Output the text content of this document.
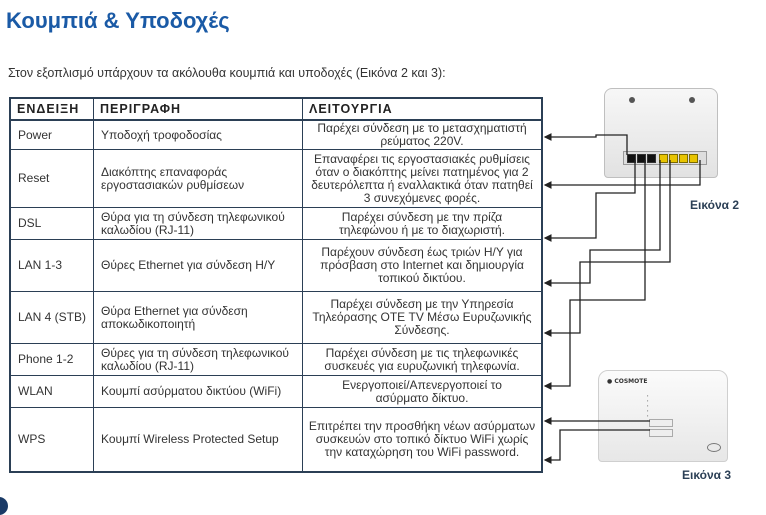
Κουμπιά & Υποδοχές
Στον εξοπλισμό υπάρχουν τα ακόλουθα κουμπιά και υποδοχές (Εικόνα 2 και 3):
ΕΝΔΕΙΞΗ	ΠΕΡΙΓΡΑΦΗ	ΛΕΙΤΟΥΡΓΙΑ
Power	Υποδοχή τροφοδοσίας	Παρέχει σύνδεση με το μετασχηματιστή ρεύματος 220V.
Reset	Διακόπτης επαναφοράς εργοστασιακών ρυθμίσεων	Επαναφέρει τις εργοστασιακές ρυθμίσεις όταν ο διακόπτης μείνει πατημένος για 2 δευτερόλεπτα ή εναλλακτικά όταν πατηθεί 3 συνεχόμενες φορές.
DSL	Θύρα για τη σύνδεση τηλεφωνικού καλωδίου (RJ-11)	Παρέχει σύνδεση με την πρίζα τηλεφώνου ή με το διαχωριστή.
LAN 1-3	Θύρες Ethernet για σύνδεση Η/Υ	Παρέχουν σύνδεση έως τριών Η/Υ για πρόσβαση στο Internet και δημιουργία τοπικού δικτύου.
LAN 4 (STB)	Θύρα Ethernet για σύνδεση αποκωδικοποιητή	Παρέχει σύνδεση με την Υπηρεσία Τηλεόρασης ΟΤΕ TV Μέσω Ευρυζωνικής Σύνδεσης.
Phone 1-2	Θύρες για τη σύνδεση τηλεφωνικού καλωδίου (RJ-11)	Παρέχει σύνδεση με τις τηλεφωνικές συσκευές για ευρυζωνική τηλεφωνία.
WLAN	Κουμπί ασύρματου δικτύου (WiFi)	Ενεργοποιεί/Απενεργοποιεί το ασύρματο δίκτυο.
WPS	Κουμπί Wireless Protected Setup	Επιτρέπει την προσθήκη νέων ασύρματων συσκευών στο τοπικό δίκτυο WiFi χωρίς την καταχώρηση του WiFi password.
Εικόνα 2
● COSMOTE
▪
▪
▪
▪
▪
▪
Εικόνα 3
